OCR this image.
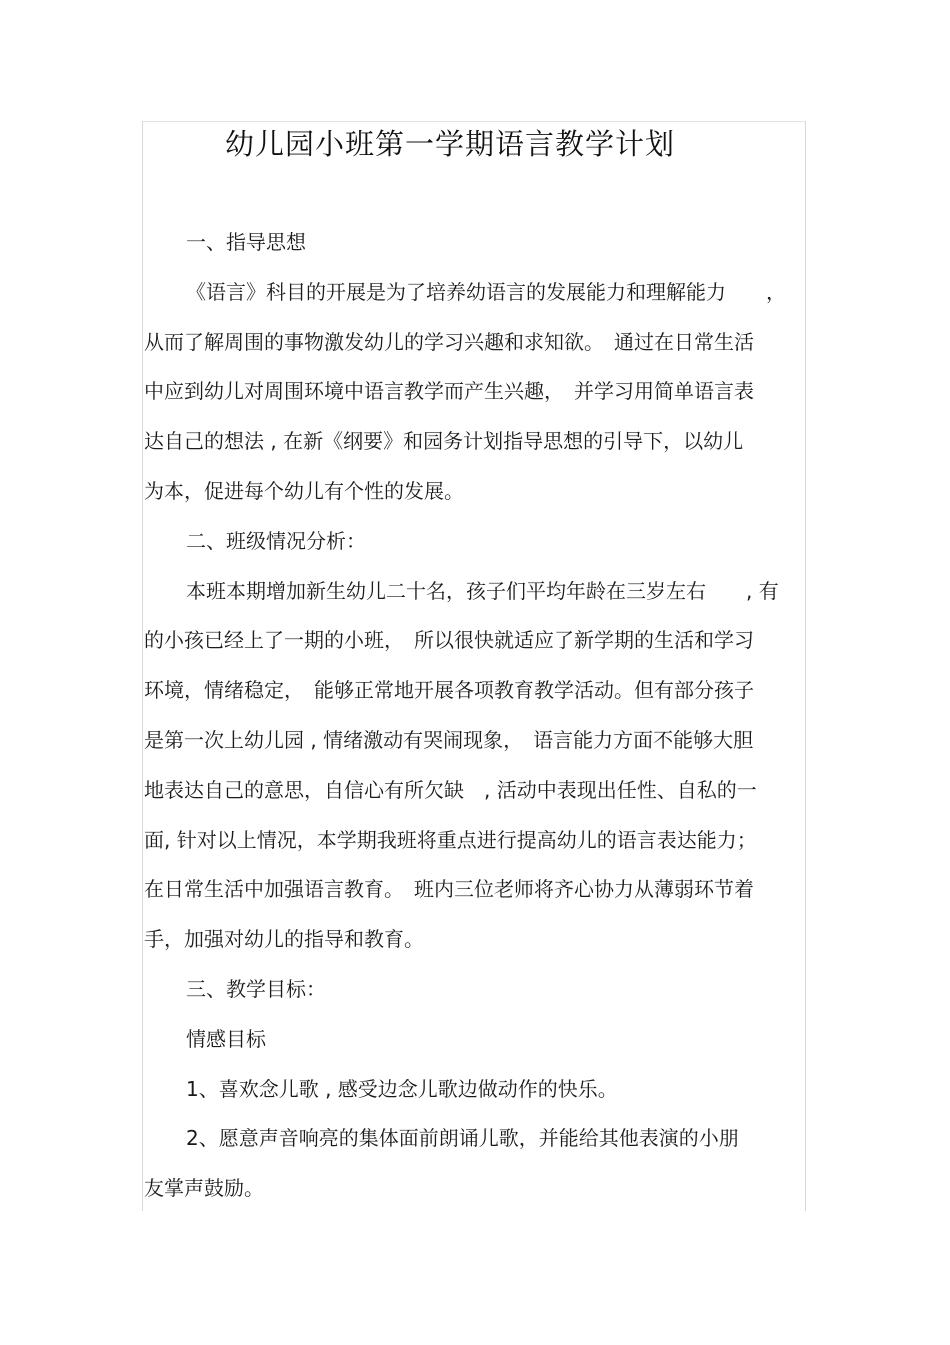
幼儿园小班第一学期语言教学计划
一、指导思想
《语言》科目的开展是为了培养幼语言的发展能力和理解能力　　，
从而了解周围的事物激发幼儿的学习兴趣和求知欲。　通过在日常生活
中应到幼儿对周围环境中语言教学而产生兴趣，　并学习用简单语言表
达自己的想法 , 在新《纲要》和园务计划指导思想的引导下，以幼儿
为本，促进每个幼儿有个性的发展。
二、班级情况分析：
本班本期增加新生幼儿二十名，孩子们平均年龄在三岁左右　　, 有
的小孩已经上了一期的小班，　所以很快就适应了新学期的生活和学习
环境，情绪稳定，　能够正常地开展各项教育教学活动。但有部分孩子
是第一次上幼儿园 , 情绪激动有哭闹现象，　语言能力方面不能够大胆
地表达自己的意思，自信心有所欠缺　, 活动中表现出任性、自私的一
面, 针对以上情况，本学期我班将重点进行提高幼儿的语言表达能力；
在日常生活中加强语言教育。　班内三位老师将齐心协力从薄弱环节着
手，加强对幼儿的指导和教育。
三、教学目标：
情感目标
1、喜欢念儿歌 , 感受边念儿歌边做动作的快乐。
2、愿意声音响亮的集体面前朗诵儿歌，并能给其他表演的小朋
友掌声鼓励。
